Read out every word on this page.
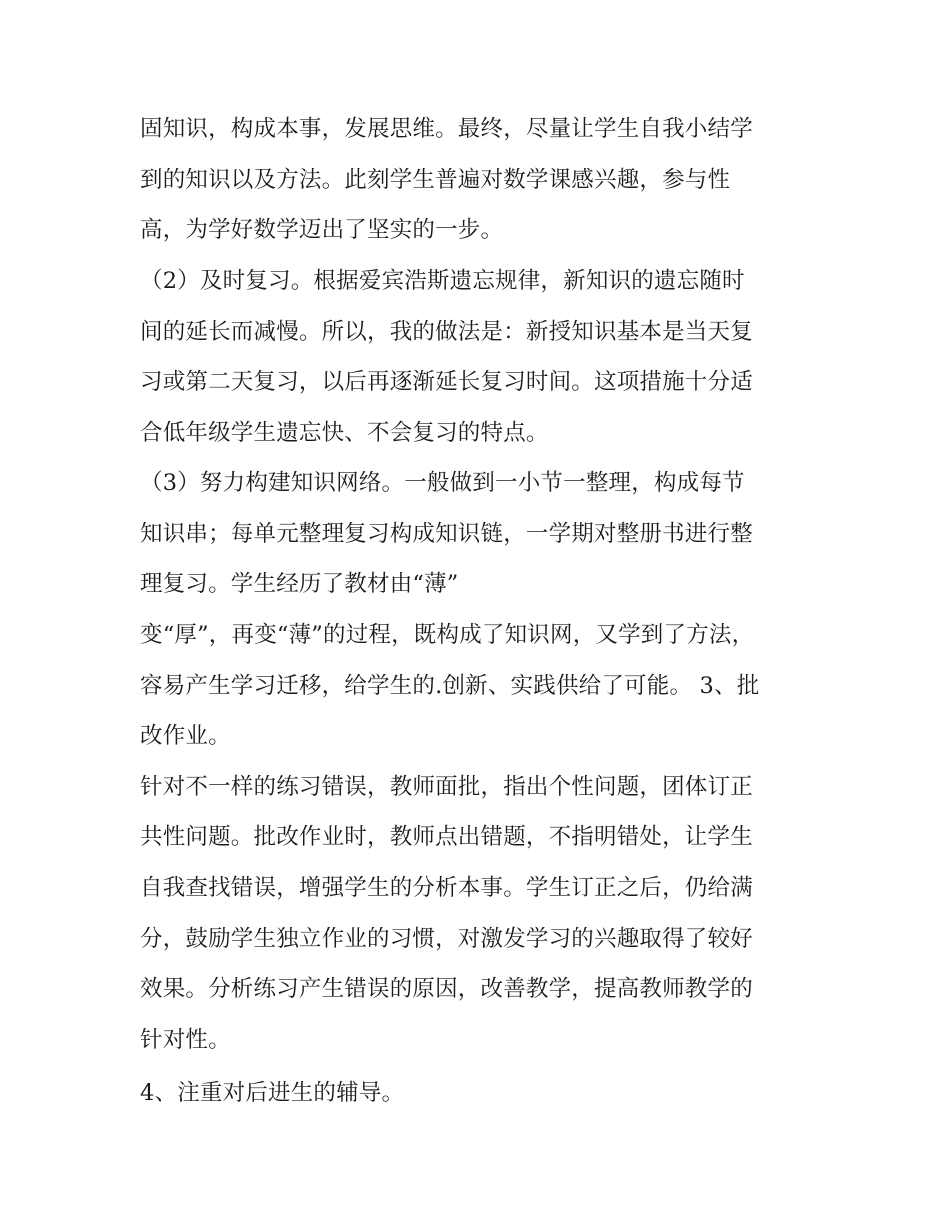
固知识，构成本事，发展思维。最终，尽量让学生自我小结学
到的知识以及方法。此刻学生普遍对数学课感兴趣，参与性
高，为学好数学迈出了坚实的一步。
（2）及时复习。根据爱宾浩斯遗忘规律，新知识的遗忘随时
间的延长而减慢。所以，我的做法是：新授知识基本是当天复
习或第二天复习，以后再逐渐延长复习时间。这项措施十分适
合低年级学生遗忘快、不会复习的特点。
（3）努力构建知识网络。一般做到一小节一整理，构成每节
知识串；每单元整理复习构成知识链，一学期对整册书进行整
理复习。学生经历了教材由“薄”
变“厚”，再变“薄”的过程，既构成了知识网，又学到了方法，
容易产生学习迁移，给学生的.创新、实践供给了可能。 3、批
改作业。
针对不一样的练习错误，教师面批，指出个性问题，团体订正
共性问题。批改作业时，教师点出错题，不指明错处，让学生
自我查找错误，增强学生的分析本事。学生订正之后，仍给满
分，鼓励学生独立作业的习惯，对激发学习的兴趣取得了较好
效果。分析练习产生错误的原因，改善教学，提高教师教学的
针对性。
4、注重对后进生的辅导。
